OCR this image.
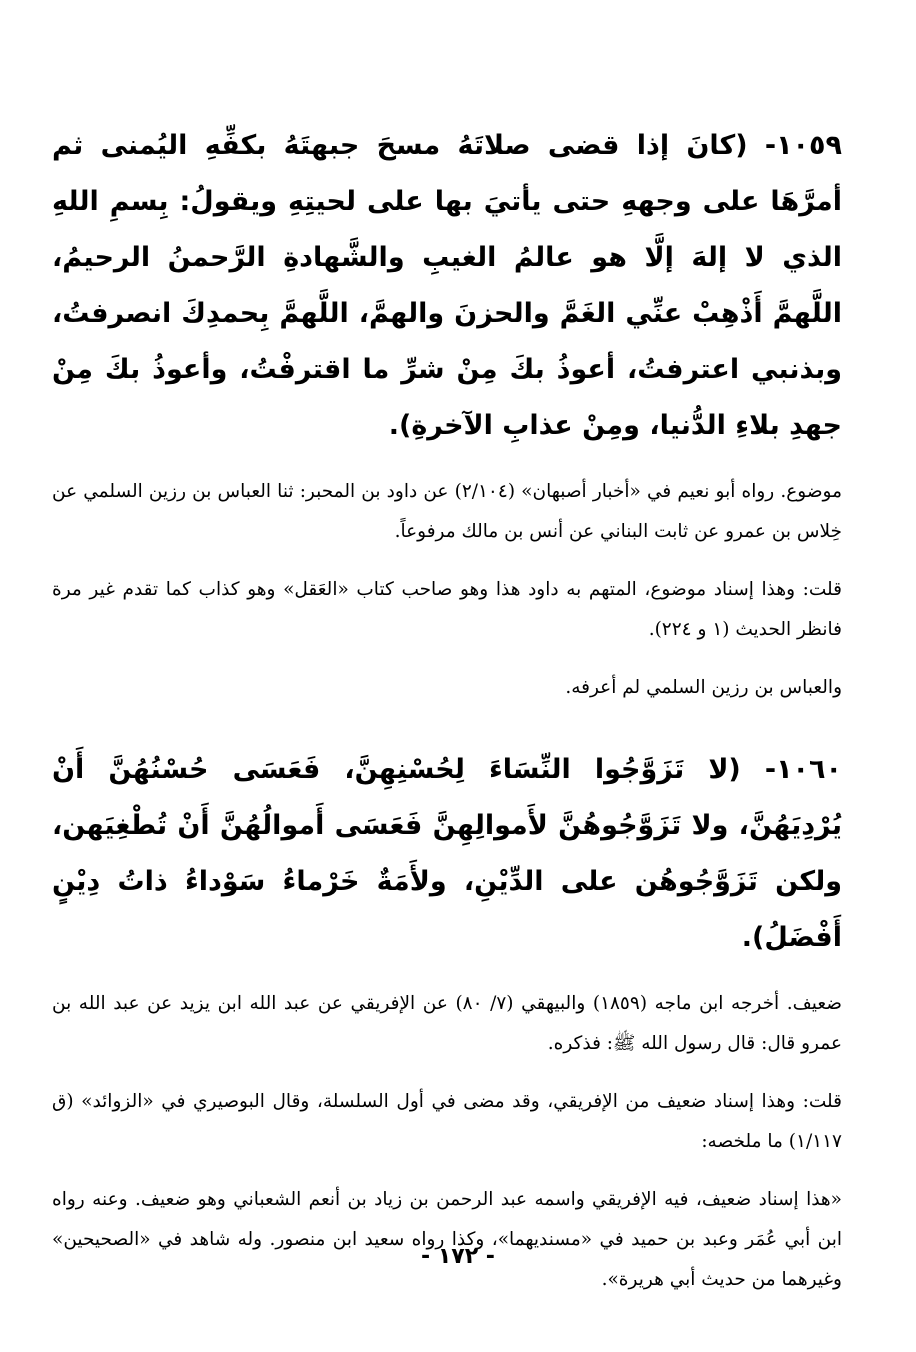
١٠٥٩- (كانَ إذا قضى صلاتَهُ مسحَ جبهتَهُ بكفِّهِ اليُمنى ثم أمرَّهَا على وجههِ حتى يأتيَ بها على لحيتِهِ ويقولُ: بِسمِ اللهِ الذي لا إلهَ إلَّا هو عالمُ الغيبِ والشَّهادةِ الرَّحمنُ الرحيمُ، اللَّهمَّ أَذْهِبْ عنِّي الغَمَّ والحزنَ والهمَّ، اللَّهمَّ بِحمدِكَ انصرفتُ، وبذنبي اعترفتُ، أعوذُ بكَ مِنْ شرِّ ما اقترفْتُ، وأعوذُ بكَ مِنْ جهدِ بلاءِ الدُّنيا، ومِنْ عذابِ الآخرةِ).

موضوع. رواه أبو نعيم في «أخبار أصبهان» (٢/١٠٤) عن داود بن المحبر: ثنا العباس بن رزين السلمي عن خِلاس بن عمرو عن ثابت البناني عن أنس بن مالك مرفوعاً.

قلت: وهذا إسناد موضوع، المتهم به داود هذا وهو صاحب كتاب «العَقل» وهو كذاب كما تقدم غير مرة فانظر الحديث (١ و ٢٢٤).

والعباس بن رزين السلمي لم أعرفه.

١٠٦٠- (لا تَزَوَّجُوا النِّسَاءَ لِحُسْنِهِنَّ، فَعَسَى حُسْنُهُنَّ أَنْ يُرْدِيَهُنَّ، ولا تَزَوَّجُوهُنَّ لأَموالِهِنَّ فَعَسَى أَموالُهُنَّ أَنْ تُطْغِيَهن، ولكن تَزَوَّجُوهُن على الدِّيْنِ، ولأَمَةٌ خَرْماءُ سَوْداءُ ذاتُ دِيْنٍ أَفْضَلُ).

ضعيف. أخرجه ابن ماجه (١٨٥٩) والبيهقي (٧/ ٨٠) عن الإفريقي عن عبد الله ابن يزيد عن عبد الله بن عمرو قال: قال رسول الله ﷺ: فذكره.

قلت: وهذا إسناد ضعيف من الإفريقي، وقد مضى في أول السلسلة، وقال البوصيري في «الزوائد» (ق ١/١١٧) ما ملخصه:

«هذا إسناد ضعيف، فيه الإفريقي واسمه عبد الرحمن بن زياد بن أنعم الشعباني وهو ضعيف. وعنه رواه ابن أبي عُمَر وعبد بن حميد في «مسنديهما»، وكذا رواه سعيد ابن منصور. وله شاهد في «الصحيحين» وغيرهما من حديث أبي هريرة».

- ١٧٢ -
